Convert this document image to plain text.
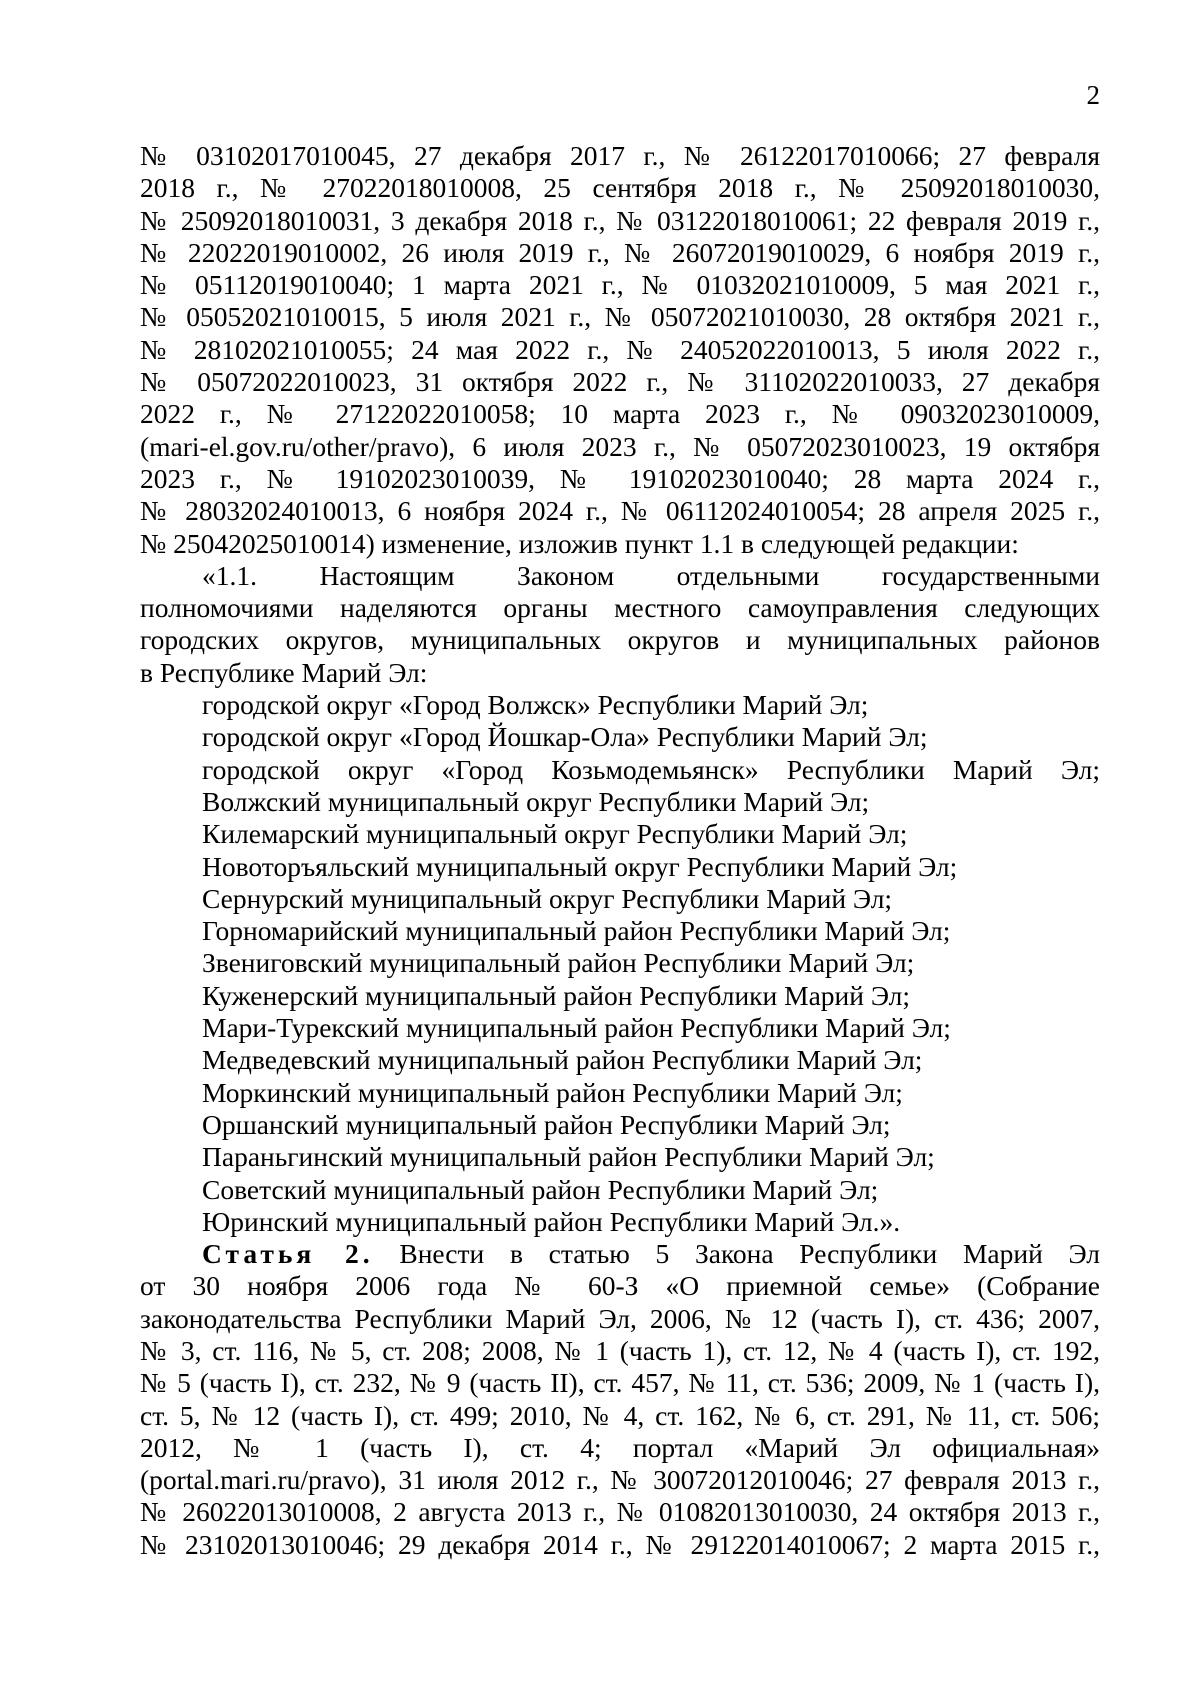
2
№ 03102017010045, 27 декабря 2017 г., № 26122017010066; 27 февраля
2018 г., № 27022018010008, 25 сентября 2018 г., № 25092018010030,
№ 25092018010031, 3 декабря 2018 г., № 03122018010061; 22 февраля 2019 г.,
№ 22022019010002, 26 июля 2019 г., № 26072019010029, 6 ноября 2019 г.,
№ 05112019010040; 1 марта 2021 г., № 01032021010009, 5 мая 2021 г.,
№ 05052021010015, 5 июля 2021 г., № 05072021010030, 28 октября 2021 г.,
№ 28102021010055; 24 мая 2022 г., № 24052022010013, 5 июля 2022 г.,
№ 05072022010023, 31 октября 2022 г., № 31102022010033, 27 декабря
2022 г., № 27122022010058; 10 марта 2023 г., № 09032023010009,
(mari-el.gov.ru/other/pravo), 6 июля 2023 г., № 05072023010023, 19 октября
2023 г., № 19102023010039, № 19102023010040; 28 марта 2024 г.,
№ 28032024010013, 6 ноября 2024 г., № 06112024010054; 28 апреля 2025 г.,
№ 25042025010014) изменение, изложив пункт 1.1 в следующей редакции:
«1.1. Настоящим Законом отдельными государственными
полномочиями наделяются органы местного самоуправления следующих
городских округов, муниципальных округов и муниципальных районов
в Республике Марий Эл:
городской округ «Город Волжск» Республики Марий Эл;
городской округ «Город Йошкар-Ола» Республики Марий Эл;
городской округ «Город Козьмодемьянск» Республики Марий Эл;
Волжский муниципальный округ Республики Марий Эл;
Килемарский муниципальный округ Республики Марий Эл;
Новоторъяльский муниципальный округ Республики Марий Эл;
Сернурский муниципальный округ Республики Марий Эл;
Горномарийский муниципальный район Республики Марий Эл;
Звениговский муниципальный район Республики Марий Эл;
Куженерский муниципальный район Республики Марий Эл;
Мари-Турекский муниципальный район Республики Марий Эл;
Медведевский муниципальный район Республики Марий Эл;
Моркинский муниципальный район Республики Марий Эл;
Оршанский муниципальный район Республики Марий Эл;
Параньгинский муниципальный район Республики Марий Эл;
Советский муниципальный район Республики Марий Эл;
Юринский муниципальный район Республики Марий Эл.».
Статья 2. Внести в статью 5 Закона Республики Марий Эл
от 30 ноября 2006 года № 60-З «О приемной семье» (Собрание
законодательства Республики Марий Эл, 2006, № 12 (часть I), ст. 436; 2007,
№ 3, ст. 116, № 5, ст. 208; 2008, № 1 (часть 1), ст. 12, № 4 (часть I), ст. 192,
№ 5 (часть I), ст. 232, № 9 (часть II), ст. 457, № 11, ст. 536; 2009, № 1 (часть I),
ст. 5, № 12 (часть I), ст. 499; 2010, № 4, ст. 162, № 6, ст. 291, № 11, ст. 506;
2012, № 1 (часть I), ст. 4; портал «Марий Эл официальная»
(portal.mari.ru/pravo), 31 июля 2012 г., № 30072012010046; 27 февраля 2013 г.,
№ 26022013010008, 2 августа 2013 г., № 01082013010030, 24 октября 2013 г.,
№ 23102013010046; 29 декабря 2014 г., № 29122014010067; 2 марта 2015 г.,
